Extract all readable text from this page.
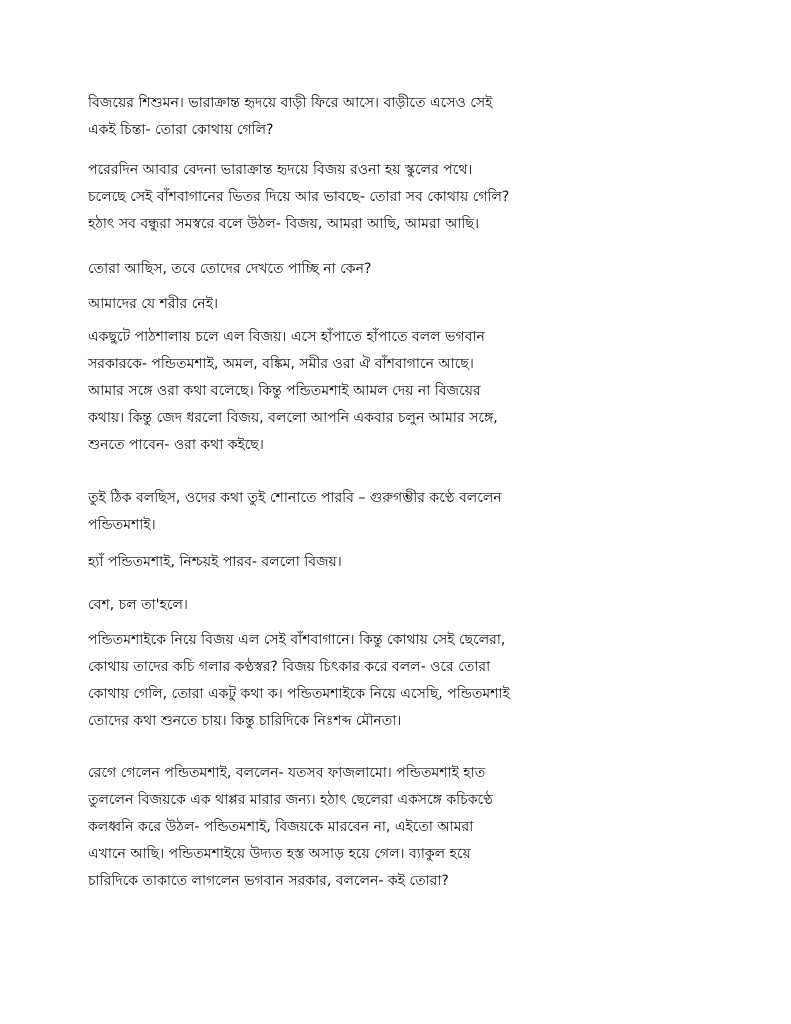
বিজয়ের শিশুমন। ভারাক্রান্ত হৃদয়ে বাড়ী ফিরে আসে। বাড়ীতে এসেও সেই
একই চিন্তা- তোরা কোথায় গেলি?

পরেরদিন আবার বেদনা ভারাক্রান্ত হৃদয়ে বিজয় রওনা হয় স্কুলের পথে।
চলেছে সেই বাঁশবাগানের ভিতর দিয়ে আর ভাবছে- তোরা সব কোথায় গেলি?
হঠাৎ সব বন্ধুরা সমস্বরে বলে উঠল- বিজয়, আমরা আছি, আমরা আছি।

তোরা আছিস, তবে তোদের দেখতে পাচ্ছি না কেন?

আমাদের যে শরীর নেই।

একছুটে পাঠশালায় চলে এল বিজয়। এসে হাঁপাতে হাঁপাতে বলল ভগবান
সরকারকে- পন্ডিতমশাই, অমল, বঙ্কিম, সমীর ওরা ঐ বাঁশবাগানে আছে।
আমার সঙ্গে ওরা কথা বলেছে। কিন্তু পন্ডিতমশাই আমল দেয় না বিজয়ের
কথায়। কিন্তু জেদ ধরলো বিজয়, বললো আপনি একবার চলুন আমার সঙ্গে,
শুনতে পাবেন- ওরা কথা কইছে।

তুই ঠিক বলছিস, ওদের কথা তুই শোনাতে পারবি – গুরুগম্ভীর কণ্ঠে বললেন
পন্ডিতমশাই।

হ্যাঁ পন্ডিতমশাই, নিশ্চয়ই পারব- বললো বিজয়।

বেশ, চল তা'হলে।

পন্ডিতমশাইকে নিয়ে বিজয় এল সেই বাঁশবাগানে। কিন্তু কোথায় সেই ছেলেরা,
কোথায় তাদের কচি গলার কণ্ঠস্বর? বিজয় চিৎকার করে বলল- ওরে তোরা
কোথায় গেলি, তোরা একটু কথা ক। পন্ডিতমশাইকে নিয়ে এসেছি, পন্ডিতমশাই
তোদের কথা শুনতে চায়। কিন্তু চারিদিকে নিঃশব্দ মৌনতা।

রেগে গেলেন পন্ডিতমশাই, বললেন- যতসব ফাজলামো। পন্ডিতমশাই হাত
তুললেন বিজয়কে এক থাপ্পর মারার জন্য। হঠাৎ ছেলেরা একসঙ্গে কচিকণ্ঠে
কলধ্বনি করে উঠল- পন্ডিতমশাই, বিজয়কে মারবেন না, এইতো আমরা
এখানে আছি। পন্ডিতমশাইয়ে উদ্যত হস্ত অসাড় হয়ে গেল। ব্যাকুল হয়ে
চারিদিকে তাকাতে লাগলেন ভগবান সরকার, বললেন- কই তোরা?
